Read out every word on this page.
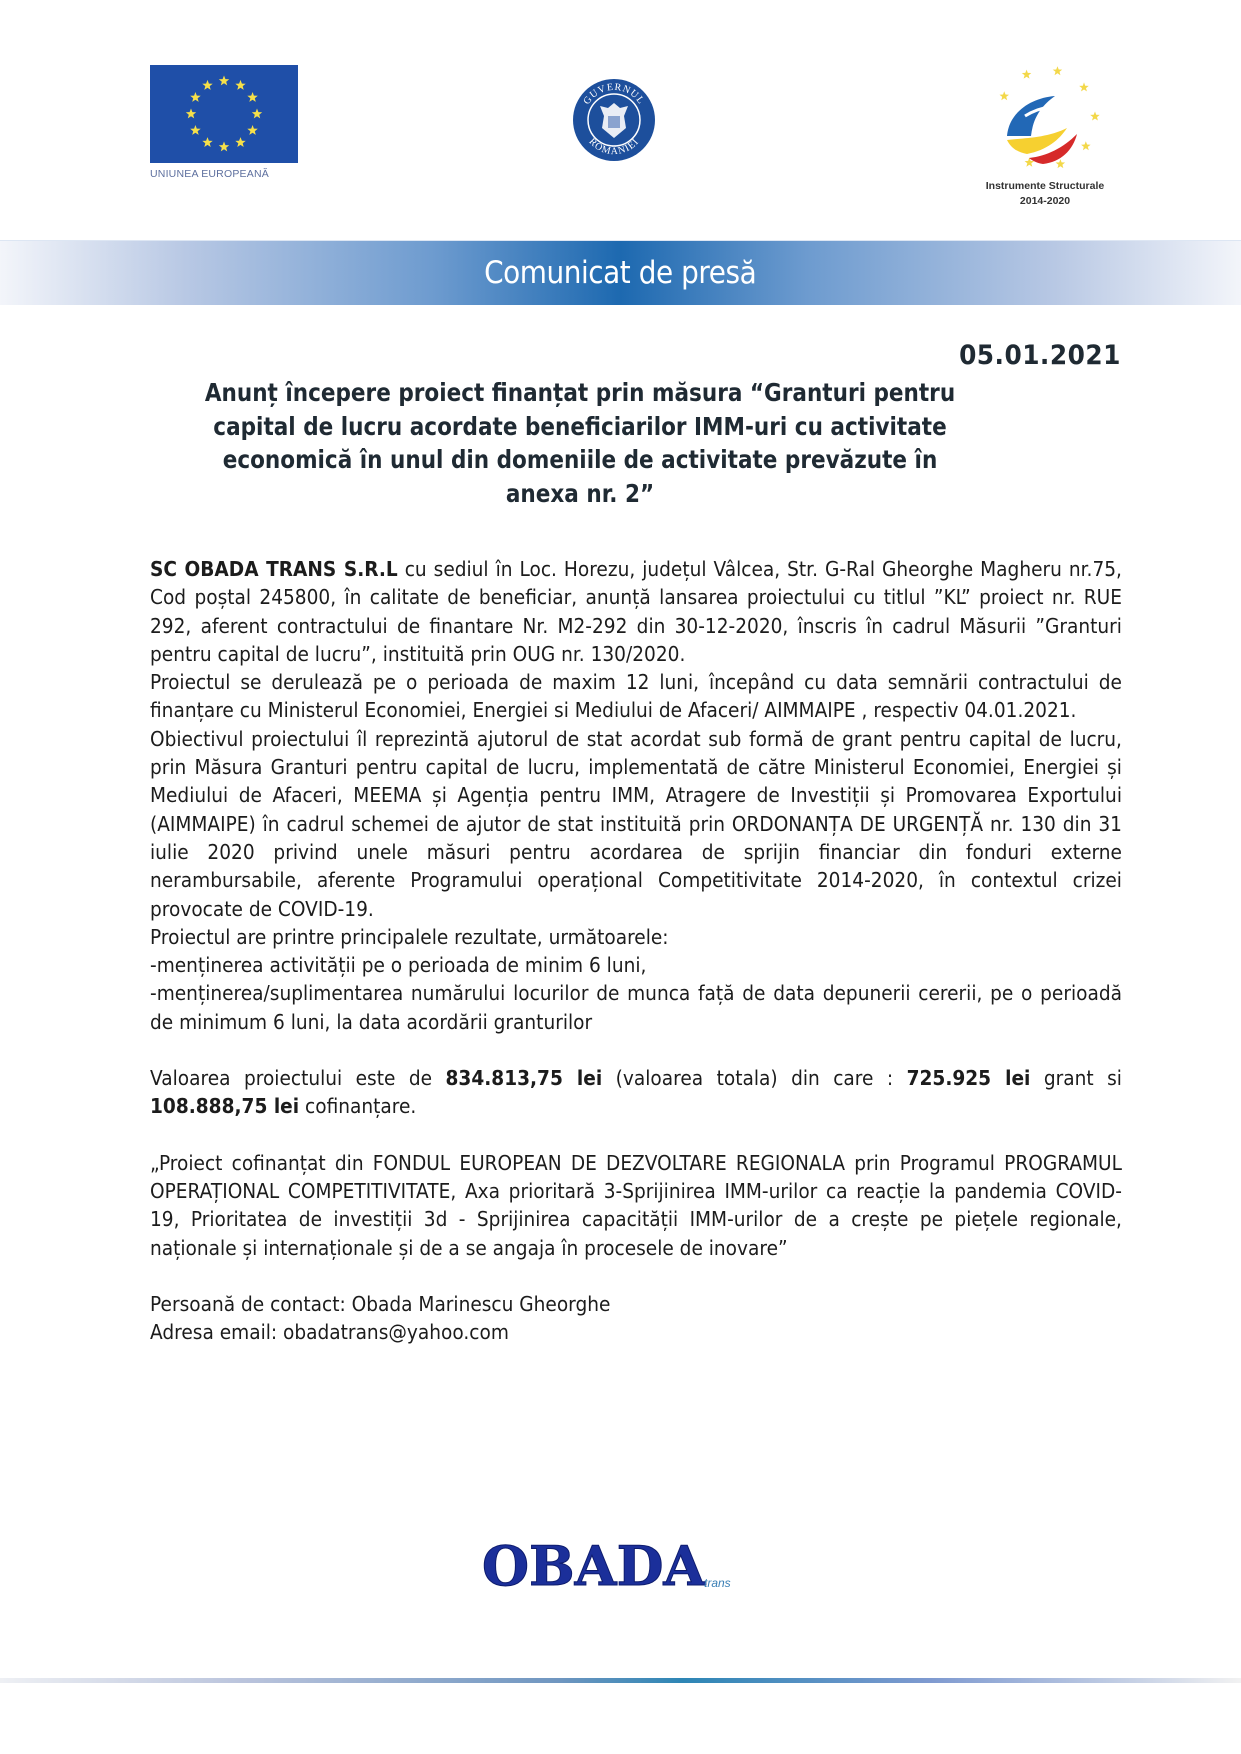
UNIUNEA EUROPEANĂ
GUVERNUL
ROMÂNIEI
Instrumente Structurale
2014-2020
Comunicat de presă
05.01.2021
Anunț începere proiect finanțat prin măsura “Granturi pentru capital de lucru acordate beneficiarilor IMM-uri cu activitate economică în unul din domeniile de activitate prevăzute în anexa nr. 2”

SC OBADA TRANS S.R.L cu sediul în Loc. Horezu, județul Vâlcea, Str. G-Ral Gheorghe Magheru nr.75, Cod poștal 245800, în calitate de beneficiar, anunță lansarea proiectului cu titlul ”KL” proiect nr. RUE 292, aferent contractului de finantare Nr. M2-292 din 30-12-2020, înscris în cadrul Măsurii ”Granturi pentru capital de lucru”, instituită prin OUG nr. 130/2020.

Proiectul se derulează pe o perioada de maxim 12 luni, începând cu data semnării contractului de finanțare cu Ministerul Economiei, Energiei si Mediului de Afaceri/ AIMMAIPE , respectiv 04.01.2021.

Obiectivul proiectului îl reprezintă ajutorul de stat acordat sub formă de grant pentru capital de lucru, prin Măsura Granturi pentru capital de lucru, implementată de către Ministerul Economiei, Energiei și Mediului de Afaceri, MEEMA și Agenția pentru IMM, Atragere de Investiții și Promovarea Exportului (AIMMAIPE) în cadrul schemei de ajutor de stat instituită prin ORDONANȚA DE URGENȚĂ nr. 130 din 31 iulie 2020 privind unele măsuri pentru acordarea de sprijin financiar din fonduri externe nerambursabile, aferente Programului operațional Competitivitate 2014-2020, în contextul crizei provocate de COVID-19.

Proiectul are printre principalele rezultate, următoarele:

-menținerea activității pe o perioada de minim 6 luni,

-menținerea/suplimentarea numărului locurilor de munca față de data depunerii cererii, pe o perioadă de minimum 6 luni, la data acordării granturilor

Valoarea proiectului este de 834.813,75 lei (valoarea totala) din care : 725.925 lei grant si 108.888,75 lei cofinanțare.

„Proiect cofinanțat din FONDUL EUROPEAN DE DEZVOLTARE REGIONALA prin Programul PROGRAMUL OPERAȚIONAL COMPETITIVITATE, Axa prioritară 3-Sprijinirea IMM-urilor ca reacție la pandemia COVID-19, Prioritatea de investiții 3d - Sprijinirea capacității IMM-urilor de a crește pe piețele regionale, naționale și internaționale și de a se angaja în procesele de inovare”

Persoană de contact: Obada Marinescu Gheorghe

Adresa email: obadatrans@yahoo.com

OBADA
trans
